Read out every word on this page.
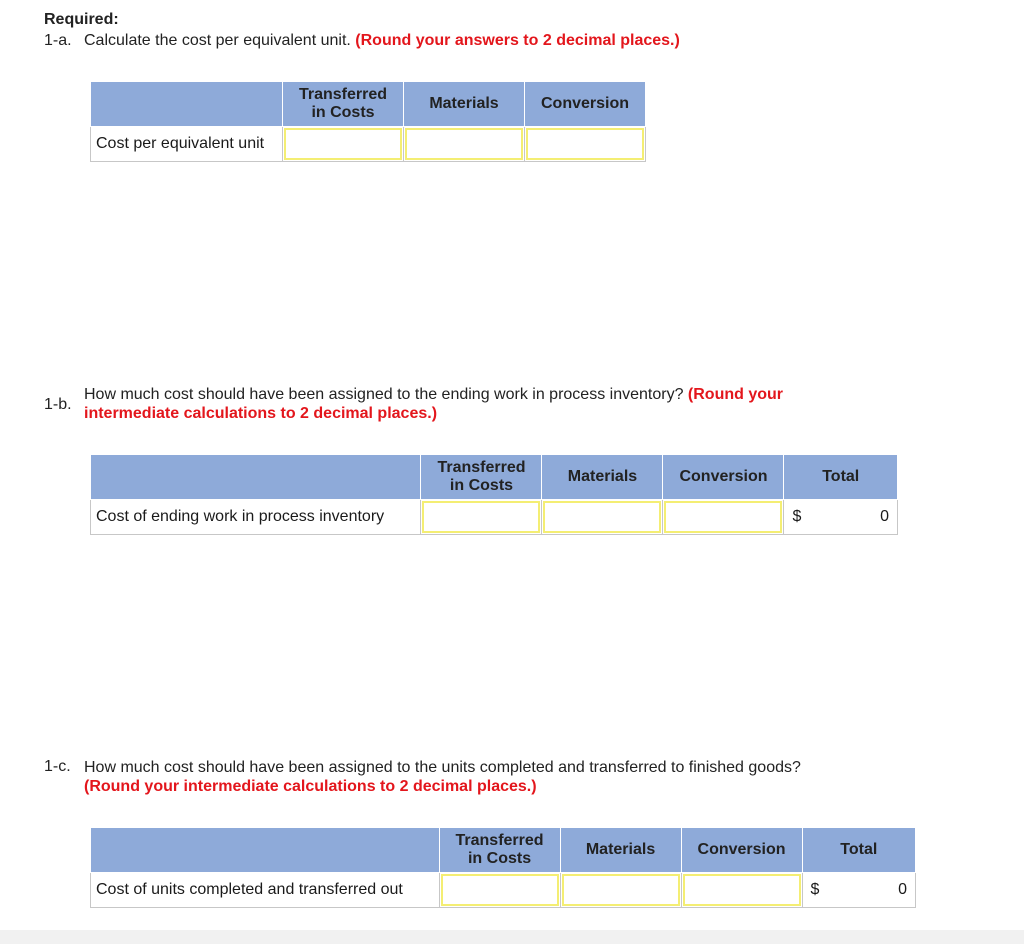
Required:
1-a. Calculate the cost per equivalent unit. (Round your answers to 2 decimal places.)
	Transferred in Costs	Materials	Conversion
Cost per equivalent unit	

1-b.
How much cost should have been assigned to the ending work in process inventory? (Round your intermediate calculations to 2 decimal places.)
	Transferred in Costs	Materials	Conversion	Total
Cost of ending work in process inventory				$ 0
1-c. How much cost should have been assigned to the units completed and transferred to finished goods?
(Round your intermediate calculations to 2 decimal places.)
	Transferred in Costs	Materials	Conversion	Total
Cost of units completed and transferred out				$ 0
